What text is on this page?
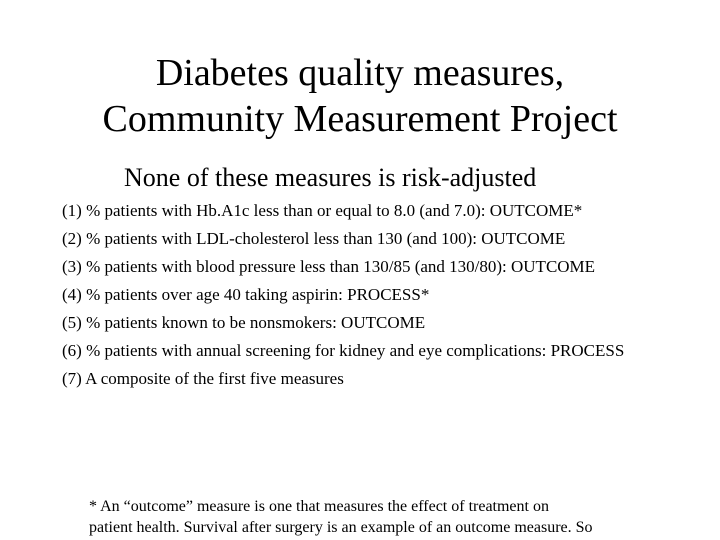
Diabetes quality measures,
Community Measurement Project
None of these measures is risk-adjusted
(1) % patients with Hb.A1c less than or equal to 8.0 (and 7.0): OUTCOME*
(2) % patients with LDL-cholesterol less than 130 (and 100): OUTCOME
(3) % patients with blood pressure less than 130/85 (and 130/80): OUTCOME
(4) % patients over age 40 taking aspirin: PROCESS*
(5) % patients known to be nonsmokers: OUTCOME
(6) % patients with annual screening for kidney and eye complications: PROCESS
(7) A composite of the first five measures
* An “outcome” measure is one that measures the effect of treatment on
patient health. Survival after surgery is an example of an outcome measure. So
